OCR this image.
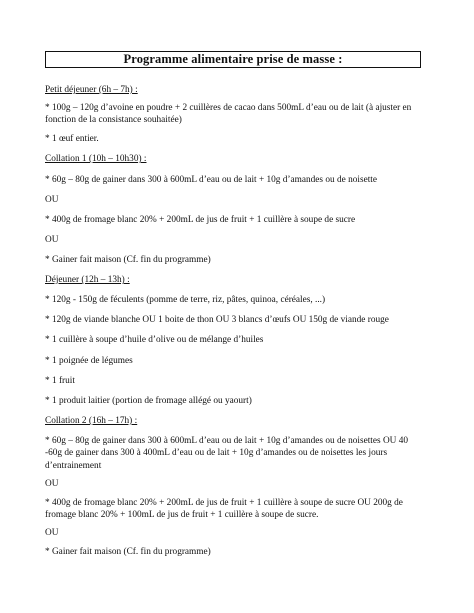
Programme alimentaire prise de masse :
Petit déjeuner (6h – 7h) :
* 100g – 120g d’avoine en poudre + 2 cuillères de cacao dans 500mL d’eau ou de lait (à ajuster en fonction de la consistance souhaitée)
* 1 œuf entier.
Collation 1 (10h – 10h30) :
* 60g – 80g de gainer dans 300 à 600mL d’eau ou de lait + 10g d’amandes ou de noisette
OU
* 400g de fromage blanc 20% + 200mL de jus de fruit + 1 cuillère à soupe de sucre
OU
* Gainer fait maison (Cf. fin du programme)
Déjeuner (12h – 13h) :
* 120g - 150g de féculents (pomme de terre, riz, pâtes, quinoa, céréales, ...)
* 120g de viande blanche OU 1 boite de thon OU 3 blancs d’œufs OU 150g de viande rouge
* 1 cuillère à soupe d’huile d’olive ou de mélange d’huiles
* 1 poignée de légumes
* 1 fruit
* 1 produit laitier (portion de fromage allégé ou yaourt)
Collation 2 (16h – 17h) :
* 60g – 80g de gainer dans 300 à 600mL d’eau ou de lait + 10g d’amandes ou de noisettes OU 40 -60g de gainer dans 300 à 400mL d’eau ou de lait + 10g d’amandes ou de noisettes les jours d’entrainement
OU
* 400g de fromage blanc 20% + 200mL de jus de fruit + 1 cuillère à soupe de sucre OU 200g de fromage blanc 20% + 100mL de jus de fruit + 1 cuillère à soupe de sucre.
OU
* Gainer fait maison (Cf. fin du programme)
